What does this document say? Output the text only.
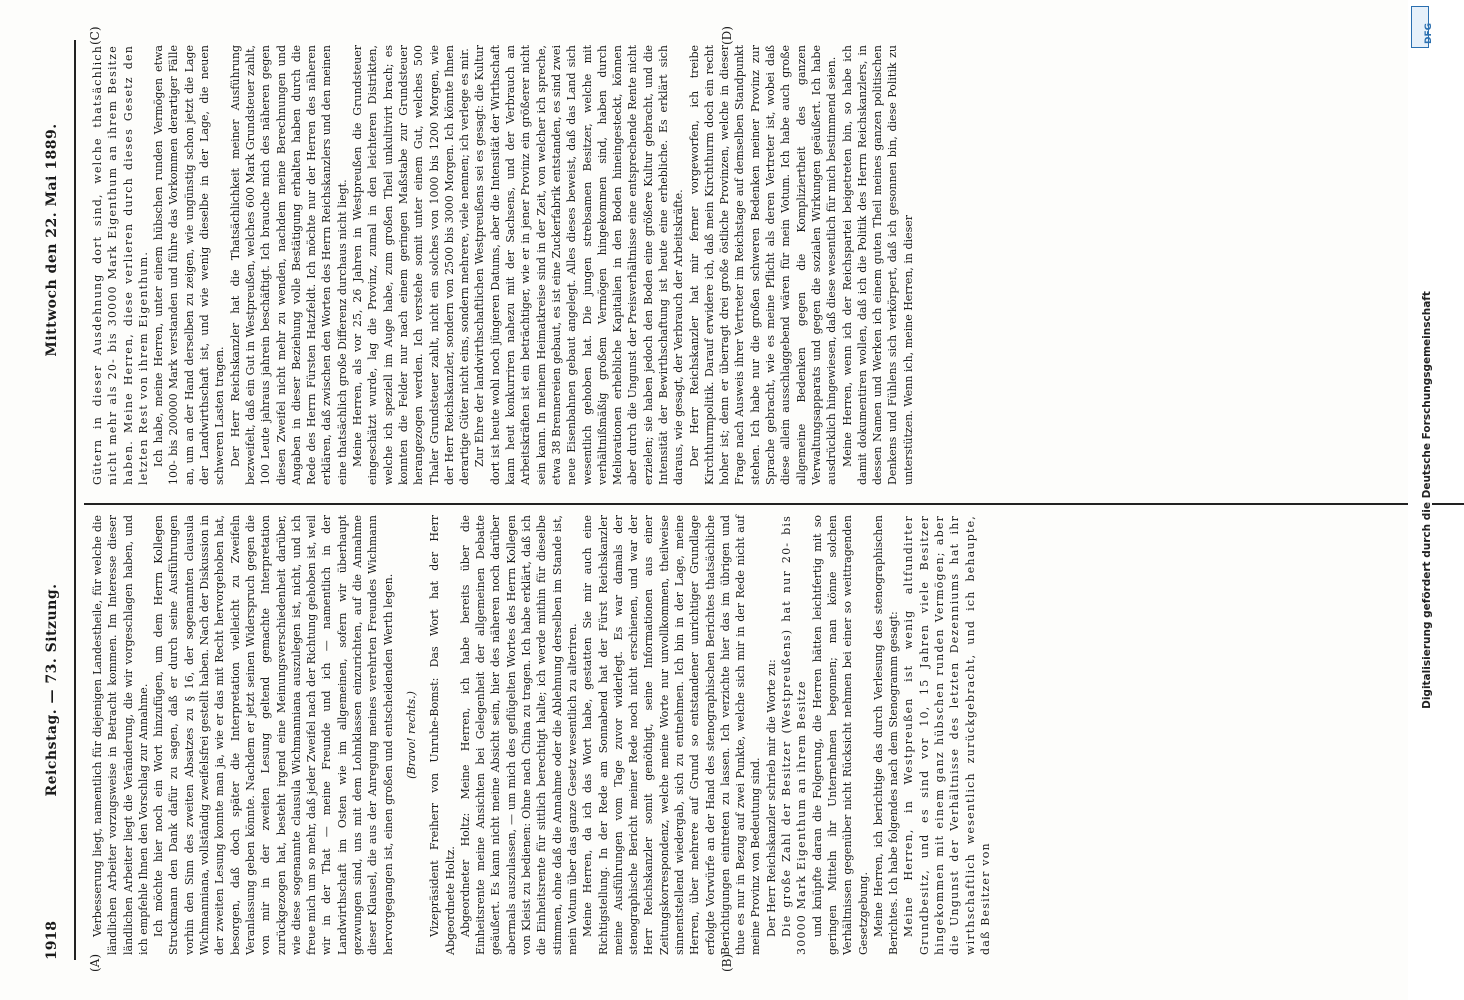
1918
Reichstag. — 73. Sitzung.
Mittwoch den 22. Mai 1889.
(A)	(B)
(C)	(D)

Verbesserung liegt, namentlich für diejenigen Landestheile, für welche die ländlichen Arbeiter vorzugsweise in Betracht kommen. Im Interesse dieser ländlichen Arbeiter liegt die Veränderung, die wir vorgeschlagen haben, und ich empfehle Ihnen den Vorschlag zur Annahme. Ich möchte hier noch ein Wort hinzufügen, um dem Herrn Kollegen Struckmann den Dank dafür zu sagen, daß er durch seine Ausführungen vorhin den Sinn des zweiten Absatzes zu § 16, der sogenannten clausula Wichmanniana, vollständig zweifelsfrei gestellt haben. Nach der Diskussion in der zweiten Lesung konnte man ja, wie er das mit Recht hervorgehoben hat, besorgen, daß doch später die Interpretation vielleicht zu Zweifeln Veranlassung geben könnte. Nachdem er jetzt seinen Widerspruch gegen die von mir in der zweiten Lesung geltend gemachte Interpretation zurückgezogen hat, besteht irgend eine Meinungsverschiedenheit darüber, wie diese sogenannte clausula Wichmanniana auszulegen ist, nicht, und ich freue mich um so mehr, daß jeder Zweifel nach der Richtung gehoben ist, weil wir in der That — meine Freunde und ich — namentlich in der Landwirthschaft im Osten wie im allgemeinen, sofern wir überhaupt gezwungen sind, uns mit dem Lohnklassen einzurichten, auf die Annahme dieser Klausel, die aus der Anregung meines verehrten Freundes Wichmann hervorgegangen ist, einen großen und entscheidenden Werth legen. (Bravo! rechts.) Vizepräsident Freiherr von Unruhe-Bomst: Das Wort hat der Herr Abgeordnete Holtz. Abgeordneter Holtz: Meine Herren, ich habe bereits über die Einheitsrente meine Ansichten bei Gelegenheit der allgemeinen Debatte geäußert. Es kann nicht meine Absicht sein, hier des näheren noch darüber abermals auszulassen, — um mich des geflügelten Wortes des Herrn Kollegen von Kleist zu bedienen: Ohne nach China zu tragen. Ich habe erklärt, daß ich die Einheitsrente für sittlich berechtigt halte; ich werde mithin für dieselbe stimmen, ohne daß die Annahme oder die Ablehnung derselben im Stande ist, mein Votum über das ganze Gesetz wesentlich zu alteriren. Meine Herren, da ich das Wort habe, gestatten Sie mir auch eine Richtigstellung. In der Rede am Sonnabend hat der Fürst Reichskanzler meine Ausführungen vom Tage zuvor widerlegt. Es war damals der stenographische Bericht meiner Rede noch nicht erschienen, und war der Herr Reichskanzler somit genöthigt, seine Informationen aus einer Zeitungskorrespondenz, welche meine Worte nur unvollkommen, theilweise sinnentstellend wiedergab, sich zu entnehmen. Ich bin in der Lage, meine Herren, über mehrere auf Grund so entstandener unrichtiger Grundlage erfolgte Vorwürfe an der Hand des stenographischen Berichtes thatsächliche Berichtigungen eintreten zu lassen. Ich verzichte hier das im übrigen und thue es nur in Bezug auf zwei Punkte, welche sich mir in der Rede nicht auf meine Provinz von Bedeutung sind. Der Herr Reichskanzler schrieb mir die Worte zu: Die große Zahl der Besitzer (Westpreußens) hat nur 20- bis 30000 Mark Eigenthum an ihrem Besitze und knüpfte daran die Folgerung, die Herren hätten leichtfertig mit so geringen Mitteln ihr Unternehmen begonnen; man könne solchen Verhältnissen gegenüber nicht Rücksicht nehmen bei einer so weittragenden Gesetzgebung. Meine Herren, ich berichtige das durch Verlesung des stenographischen Berichtes. Ich habe folgendes nach dem Stenogramm gesagt: Meine Herren, in Westpreußen ist wenig altfundirter Grundbesitz, und es sind vor 10, 15 Jahren viele Besitzer hingekommen mit einem ganz hübschen runden Vermögen; aber die Ungunst der Verhältnisse des letzten Dezenniums hat ihr wirthschaftlich wesentlich zurückgebracht, und ich behaupte, daß Besitzer von

Gütern in dieser Ausdehnung dort sind, welche thatsächlich nicht mehr als 20- bis 30000 Mark Eigenthum an ihrem Besitze haben. Meine Herren, diese verlieren durch dieses Gesetz den letzten Rest von ihrem Eigenthum. Ich habe, meine Herren, unter einem hübschen runden Vermögen etwa 100- bis 200000 Mark verstanden und führe das Vorkommen derartiger Fälle an, um an der Hand derselben zu zeigen, wie ungünstig schon jetzt die Lage der Landwirthschaft ist, und wie wenig dieselbe in der Lage, die neuen schweren Lasten tragen. Der Herr Reichskanzler hat die Thatsächlichkeit meiner Ausführung bezweifelt, daß ein Gut in Westpreußen, welches 600 Mark Grundsteuer zahlt, 100 Leute jahraus jahrein beschäftigt. Ich brauche mich des näheren gegen diesen Zweifel nicht mehr zu wenden, nachdem meine Berechnungen und Angaben in dieser Beziehung volle Bestätigung erhalten haben durch die Rede des Herrn Fürsten Hatzfeldt. Ich möchte nur der Herren des näheren erklären, daß zwischen den Worten des Herrn Reichskanzlers und den meinen eine thatsächlich große Differenz durchaus nicht liegt. Meine Herren, als vor 25, 26 Jahren in Westpreußen die Grundsteuer eingeschätzt wurde, lag die Provinz, zumal in den leichteren Distrikten, welche ich speziell im Auge habe, zum großen Theil unkultivirt brach; es konnten die Felder nur nach einem geringen Maßstabe zur Grundsteuer herangezogen werden. Ich verstehe somit unter einem Gut, welches 500 Thaler Grundsteuer zahlt, nicht ein solches von 1000 bis 1200 Morgen, wie der Herr Reichskanzler, sondern von 2500 bis 3000 Morgen. Ich könnte Ihnen derartige Güter nicht eins, sondern mehrere, viele nennen; ich verlege es mir. Zur Ehre der landwirthschaftlichen Westpreußens sei es gesagt: die Kultur dort ist heute wohl noch jüngeren Datums, aber die Intensität der Wirthschaft kann heut konkurriren nahezu mit der Sachsens, und der Verbrauch an Arbeitskräften ist ein beträchtiger, wie er in jener Provinz ein größerer nicht sein kann. In meinem Heimatkreise sind in der Zeit, von welcher ich spreche, etwa 38 Brennereien gebaut, es ist eine Zuckerfabrik entstanden, es sind zwei neue Eisenbahnen gebaut angelegt. Alles dieses beweist, daß das Land sich wesentlich gehoben hat. Die jungen strebsamen Besitzer, welche mit verhältnißmäßig großem Vermögen hingekommen sind, haben durch Meliorationen erhebliche Kapitalien in den Boden hineingesteckt, können aber durch die Ungunst der Preisverhältnisse eine entsprechende Rente nicht erzielen; sie haben jedoch den Boden eine größere Kultur gebracht, und die Intensität der Bewirthschaftung ist heute eine erhebliche. Es erklärt sich daraus, wie gesagt, der Verbrauch der Arbeitskräfte. Der Herr Reichskanzler hat mir ferner vorgeworfen, ich treibe Kirchthurmpolitik. Darauf erwidere ich, daß mein Kirchthurm doch ein recht hoher ist; denn er überragt drei große östliche Provinzen, welche in dieser Frage nach Ausweis ihrer Vertreter im Reichstage auf demselben Standpunkt stehen. Ich habe nur die großen schweren Bedenken meiner Provinz zur Sprache gebracht, wie es meine Pflicht als deren Vertreter ist, wobei daß diese allein ausschlaggebend wären für mein Votum. Ich habe auch große allgemeine Bedenken gegen die Kompliziertheit des ganzen Verwaltungsapparats und gegen die sozialen Wirkungen geäußert. Ich habe ausdrücklich hingewiesen, daß diese wesentlich für mich bestimmend seien. Meine Herren, wenn ich der Reichspartei beigetreten bin, so habe ich damit dokumentiren wollen, daß ich die Politik des Herrn Reichskanzlers, in dessen Namen und Werken ich einem guten Theil meines ganzen politischen Denkens und Fühlens sich verkörpert, daß ich gesonnen bin, diese Politik zu unterstützen. Wenn ich, meine Herren, in dieser	Digitalisierung gefördert durch die Deutsche Forschungsgemeinschaft
DFG
